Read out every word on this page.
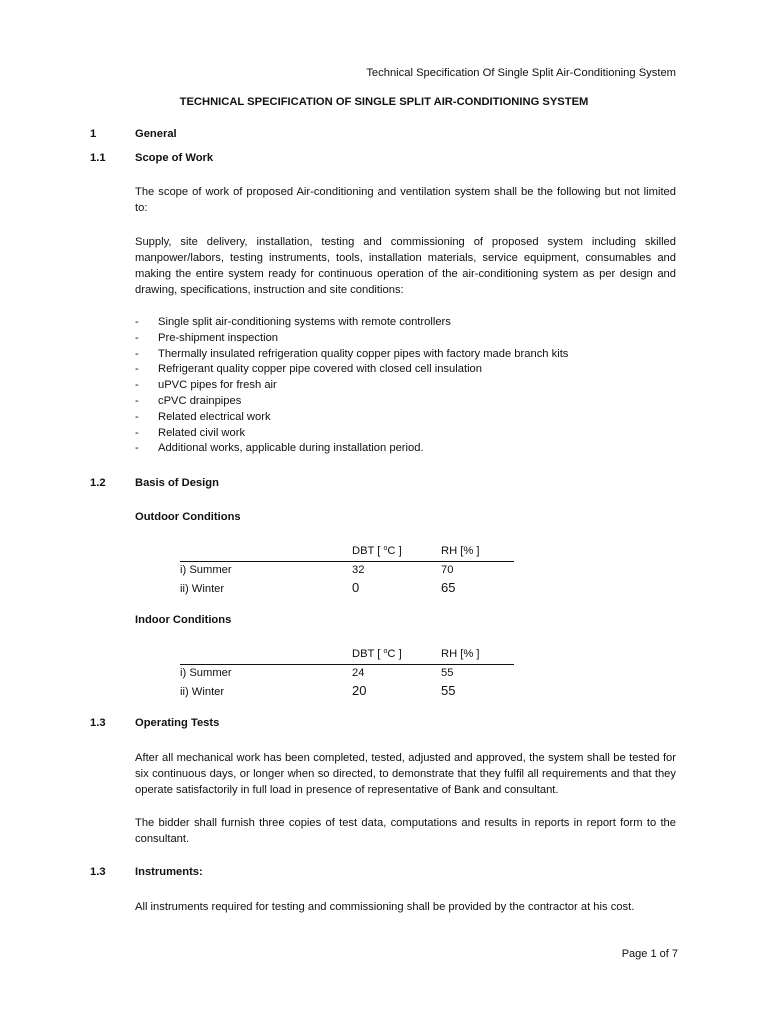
Technical Specification Of Single Split Air-Conditioning System
TECHNICAL SPECIFICATION OF SINGLE SPLIT AIR-CONDITIONING SYSTEM
1	General
1.1	Scope of Work

The scope of work of proposed Air-conditioning and ventilation system shall be the following but not limited to:

Supply, site delivery, installation, testing and commissioning of proposed system including skilled manpower/labors, testing instruments, tools, installation materials, service equipment, consumables and making the entire system ready for continuous operation of the air-conditioning system as per design and drawing, specifications, instruction and site conditions:

-	Single split air-conditioning systems with remote controllers
-	Pre-shipment inspection
-	Thermally insulated refrigeration quality copper pipes with factory made branch kits
-	Refrigerant quality copper pipe covered with closed cell insulation
-	uPVC pipes for fresh air
-	cPVC drainpipes
-	Related electrical work
-	Related civil work
-	Additional works, applicable during installation period.
1.2	Basis of Design
Outdoor Conditions
	DBT [ $^o$C ]	RH [% ]
i) Summer	32	70
ii) Winter	0	65
Indoor Conditions
	DBT [ $^o$C ]	RH [% ]
i) Summer	24	55
ii) Winter	20	55
1.3	Operating Tests

After all mechanical work has been completed, tested, adjusted and approved, the system shall be tested for six continuous days, or longer when so directed, to demonstrate that they fulfil all requirements and that they operate satisfactorily in full load in presence of representative of Bank and consultant.

The bidder shall furnish three copies of test data, computations and results in reports in report form to the consultant.

1.3	Instruments:

All instruments required for testing and commissioning shall be provided by the contractor at his cost.

Page 1 of 7
